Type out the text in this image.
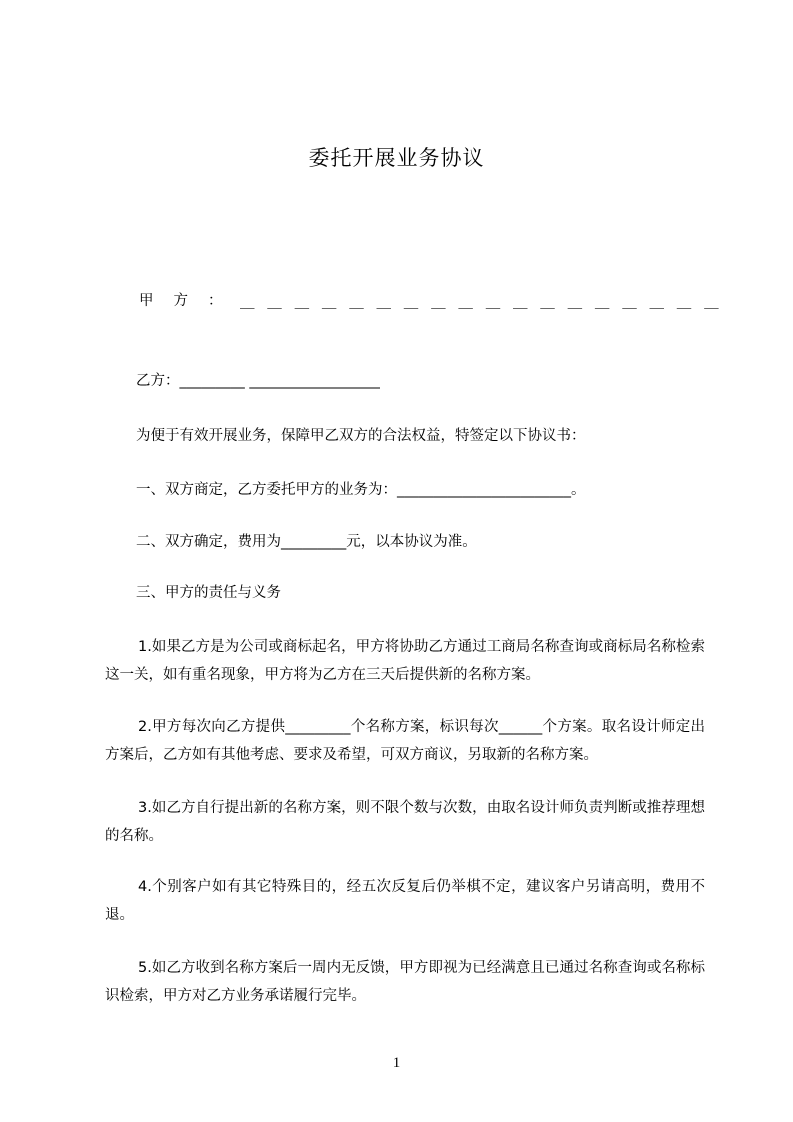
委托开展业务协议
甲方 ： ＿＿＿＿＿＿＿＿＿＿＿＿＿＿＿＿＿＿
乙方：_________ __________________
为便于有效开展业务，保障甲乙双方的合法权益，特签定以下协议书：
一、双方商定，乙方委托甲方的业务为：________________________。
二、双方确定，费用为_________元，以本协议为准。
三、甲方的责任与义务
1.如果乙方是为公司或商标起名，甲方将协助乙方通过工商局名称查询或商标局名称检索这一关，如有重名现象，甲方将为乙方在三天后提供新的名称方案。
2.甲方每次向乙方提供_________个名称方案，标识每次______个方案。取名设计师定出方案后，乙方如有其他考虑、要求及希望，可双方商议，另取新的名称方案。
3.如乙方自行提出新的名称方案，则不限个数与次数，由取名设计师负责判断或推荐理想的名称。
4.个别客户如有其它特殊目的，经五次反复后仍举棋不定，建议客户另请高明，费用不退。
5.如乙方收到名称方案后一周内无反馈，甲方即视为已经满意且已通过名称查询或名称标识检索，甲方对乙方业务承诺履行完毕。
1
